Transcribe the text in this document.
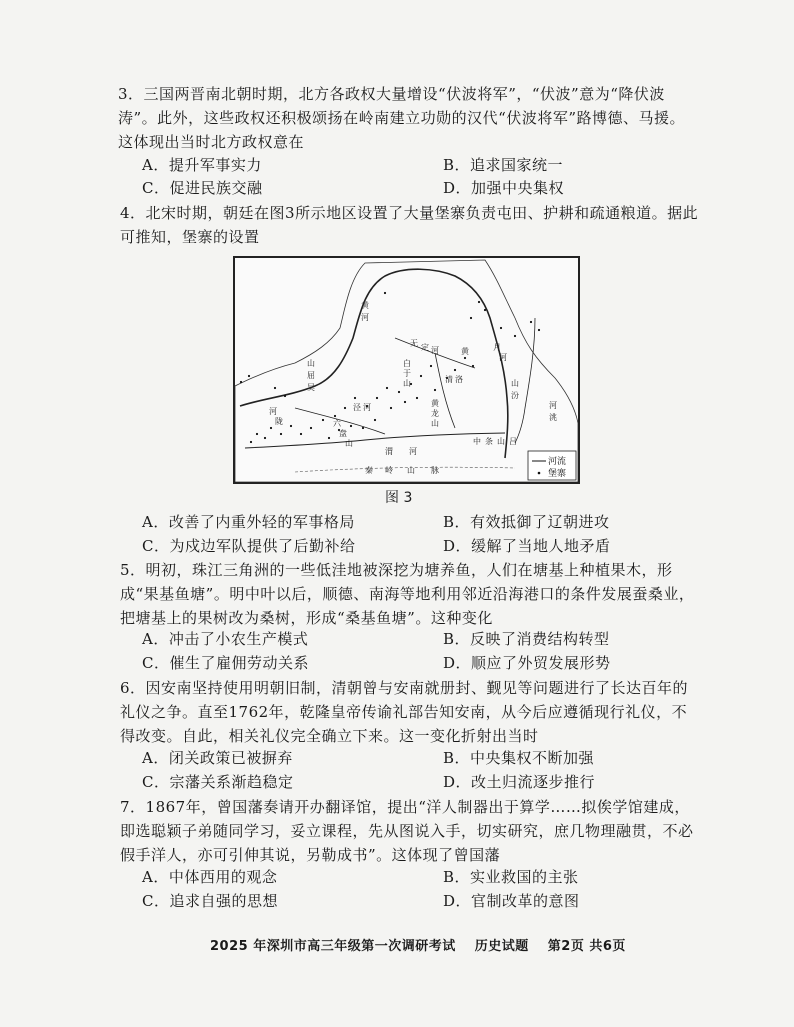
3．三国两晋南北朝时期，北方各政权大量增设“伏波将军”，“伏波”意为“降伏波涛”。此外，这些政权还积极颂扬在岭南建立功勋的汉代“伏波将军”路博德、马援。这体现出当时北方政权意在
A．提升军事实力	B．追求国家统一
C．促进民族交融	D．加强中央集权
4．北宋时期，朝廷在图3所示地区设置了大量堡寨负责屯田、护耕和疏通粮道。据此可推知，堡寨的设置
黄
河
无 定 河
白
于
山
黄	月
河
清 洛
泾 河
六
盘
山
渭 河
秦 岭 山 脉
山
屈
吴
黄
龙
山
中 条 山 吕
山
汾
河
洮
河
陇
河流
堡寨
图 3
A．改善了内重外轻的军事格局	B．有效抵御了辽朝进攻
C．为戍边军队提供了后勤补给	D．缓解了当地人地矛盾
5．明初，珠江三角洲的一些低洼地被深挖为塘养鱼，人们在塘基上种植果木，形成“果基鱼塘”。明中叶以后，顺德、南海等地利用邻近沿海港口的条件发展蚕桑业，把塘基上的果树改为桑树，形成“桑基鱼塘”。这种变化
A．冲击了小农生产模式	B．反映了消费结构转型
C．催生了雇佣劳动关系	D．顺应了外贸发展形势
6．因安南坚持使用明朝旧制，清朝曾与安南就册封、觐见等问题进行了长达百年的礼仪之争。直至1762年，乾隆皇帝传谕礼部告知安南，从今后应遵循现行礼仪，不得改变。自此，相关礼仪完全确立下来。这一变化折射出当时
A．闭关政策已被摒弃	B．中央集权不断加强
C．宗藩关系渐趋稳定	D．改土归流逐步推行
7．1867年，曾国藩奏请开办翻译馆，提出“洋人制器出于算学……拟俟学馆建成，即选聪颖子弟随同学习，妥立课程，先从图说入手，切实研究，庶几物理融贯，不必假手洋人，亦可引伸其说，另勒成书”。这体现了曾国藩
A．中体西用的观念	B．实业救国的主张
C．追求自强的思想	D．官制改革的意图
2025 年深圳市高三年级第一次调研考试 历史试题 第2页 共6页
